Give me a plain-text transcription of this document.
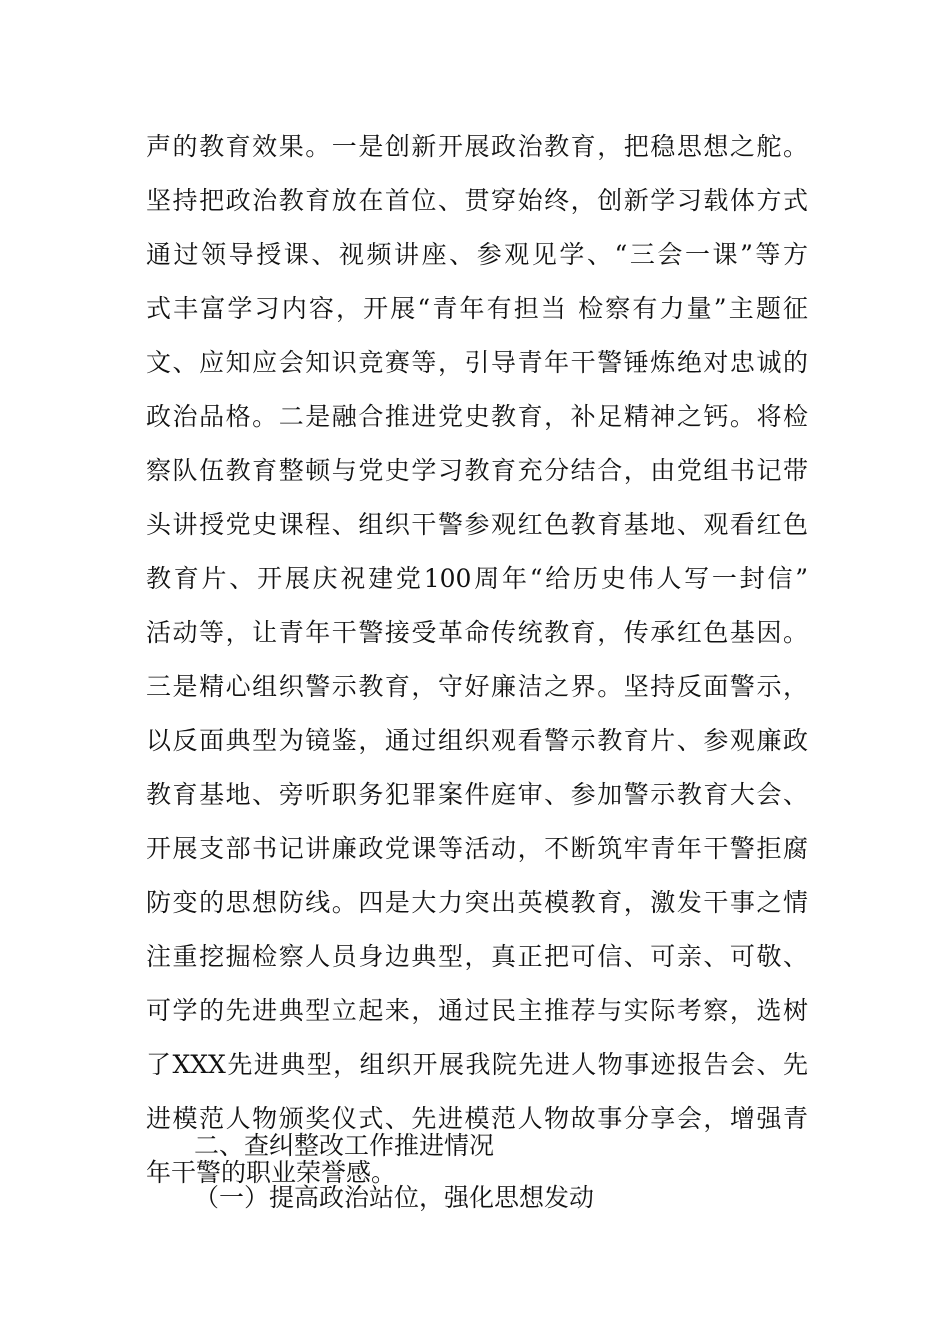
声的教育效果。一是创新开展政治教育，把稳思想之舵。
坚持把政治教育放在首位、贯穿始终，创新学习载体方式
通过领导授课、视频讲座、参观见学、“三会一课”等方
式丰富学习内容，开展“青年有担当 检察有力量”主题征
文、应知应会知识竞赛等，引导青年干警锤炼绝对忠诚的
政治品格。二是融合推进党史教育，补足精神之钙。将检
察队伍教育整顿与党史学习教育充分结合，由党组书记带
头讲授党史课程、组织干警参观红色教育基地、观看红色
教育片、开展庆祝建党100周年“给历史伟人写一封信”
活动等，让青年干警接受革命传统教育，传承红色基因。
三是精心组织警示教育，守好廉洁之界。坚持反面警示，
以反面典型为镜鉴，通过组织观看警示教育片、参观廉政
教育基地、旁听职务犯罪案件庭审、参加警示教育大会、
开展支部书记讲廉政党课等活动，不断筑牢青年干警拒腐
防变的思想防线。四是大力突出英模教育，激发干事之情
注重挖掘检察人员身边典型，真正把可信、可亲、可敬、
可学的先进典型立起来，通过民主推荐与实际考察，选树
了XXX先进典型，组织开展我院先进人物事迹报告会、先
进模范人物颁奖仪式、先进模范人物故事分享会，增强青
年干警的职业荣誉感。
二、查纠整改工作推进情况
（一）提高政治站位，强化思想发动
